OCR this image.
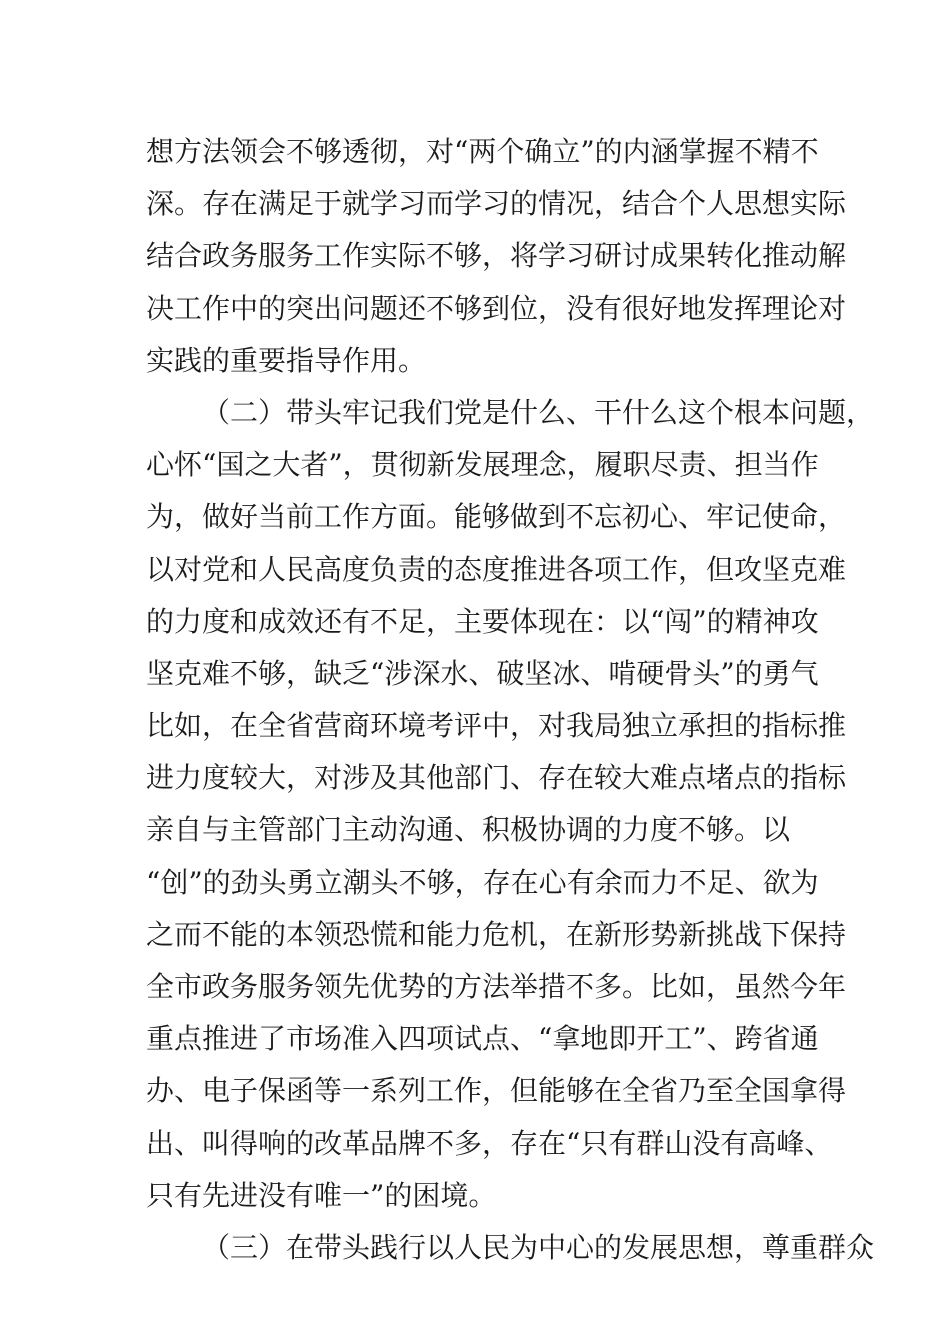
想方法领会不够透彻，对“两个确立”的内涵掌握不精不
深。存在满足于就学习而学习的情况，结合个人思想实际
结合政务服务工作实际不够，将学习研讨成果转化推动解
决工作中的突出问题还不够到位，没有很好地发挥理论对
实践的重要指导作用。
（二）带头牢记我们党是什么、干什么这个根本问题，
心怀“国之大者”，贯彻新发展理念，履职尽责、担当作
为，做好当前工作方面。能够做到不忘初心、牢记使命，
以对党和人民高度负责的态度推进各项工作，但攻坚克难
的力度和成效还有不足，主要体现在：以“闯”的精神攻
坚克难不够，缺乏“涉深水、破坚冰、啃硬骨头”的勇气
比如，在全省营商环境考评中，对我局独立承担的指标推
进力度较大，对涉及其他部门、存在较大难点堵点的指标
亲自与主管部门主动沟通、积极协调的力度不够。以
“创”的劲头勇立潮头不够，存在心有余而力不足、欲为
之而不能的本领恐慌和能力危机，在新形势新挑战下保持
全市政务服务领先优势的方法举措不多。比如，虽然今年
重点推进了市场准入四项试点、“拿地即开工”、跨省通
办、电子保函等一系列工作，但能够在全省乃至全国拿得
出、叫得响的改革品牌不多，存在“只有群山没有高峰、
只有先进没有唯一”的困境。
（三）在带头践行以人民为中心的发展思想，尊重群众
